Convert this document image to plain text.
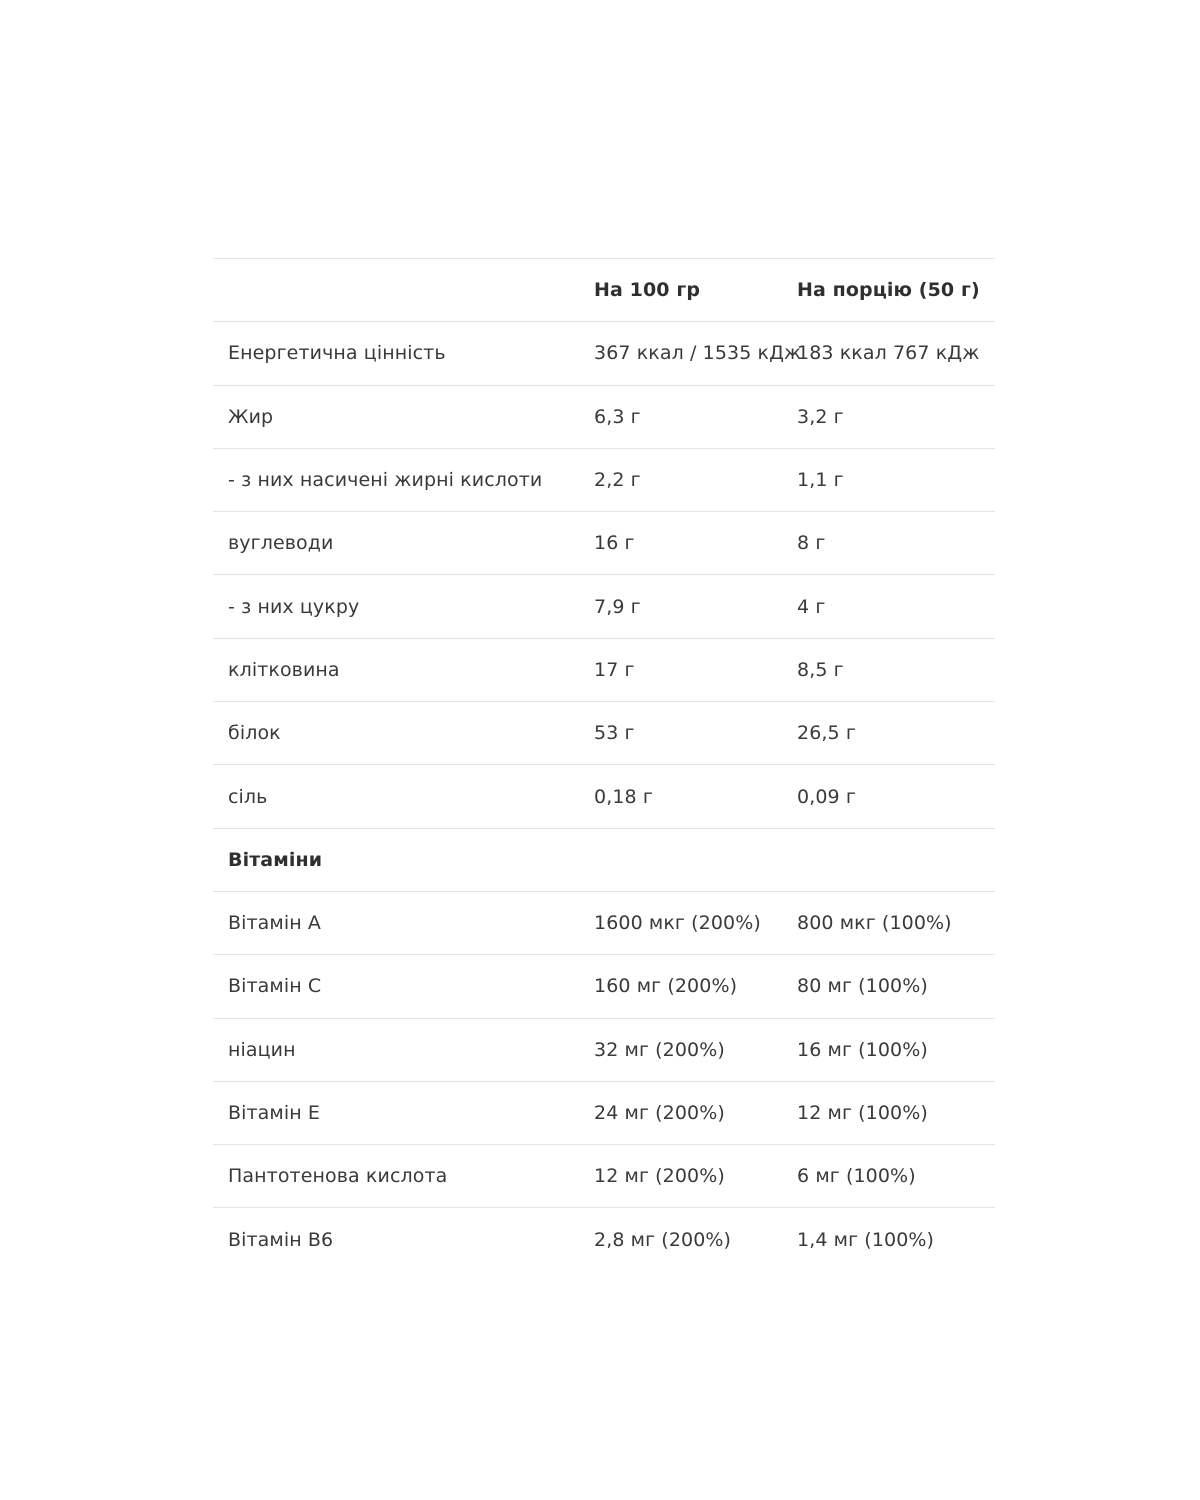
	На 100 гр	На порцію (50 г)
Енергетична цінність	367 ккал / 1535 кДж	183 ккал 767 кДж
Жир	6,3 г	3,2 г
- з них насичені жирні кислоти	2,2 г	1,1 г
вуглеводи	16 г	8 г
- з них цукру	7,9 г	4 г
клітковина	17 г	8,5 г
білок	53 г	26,5 г
сіль	0,18 г	0,09 г
Вітаміни		
Вітамін А	1600 мкг (200%)	800 мкг (100%)
Вітамін С	160 мг (200%)	80 мг (100%)
ніацин	32 мг (200%)	16 мг (100%)
Вітамін Е	24 мг (200%)	12 мг (100%)
Пантотенова кислота	12 мг (200%)	6 мг (100%)
Вітамін В6	2,8 мг (200%)	1,4 мг (100%)
